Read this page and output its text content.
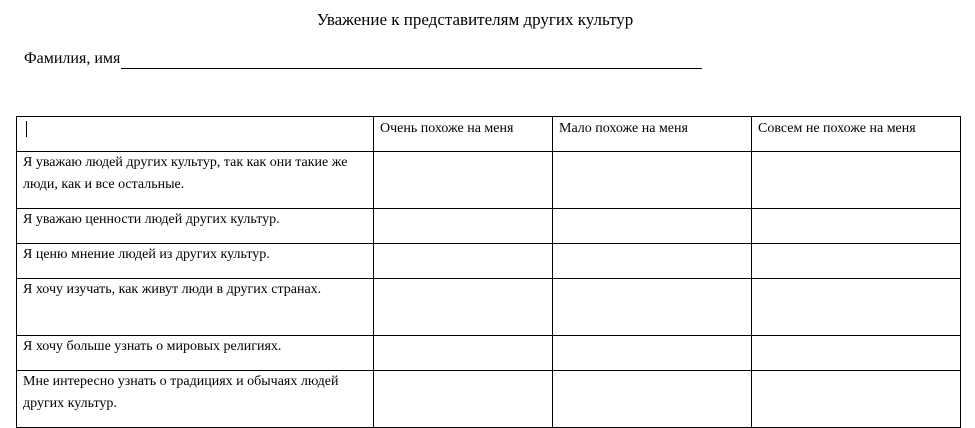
Уважение к представителям других культур
Фамилия, имя
	Очень похоже на меня	Мало похоже на меня	Совсем не похоже на меня
Я уважаю людей других культур, так как они такие же люди, как и все остальные.			
Я уважаю ценности людей других культур.			
Я ценю мнение людей из других культур.			
Я хочу изучать, как живут люди в других странах.			
Я хочу больше узнать о мировых религиях.			
Мне интересно узнать о традициях и обычаях людей других культур.			
